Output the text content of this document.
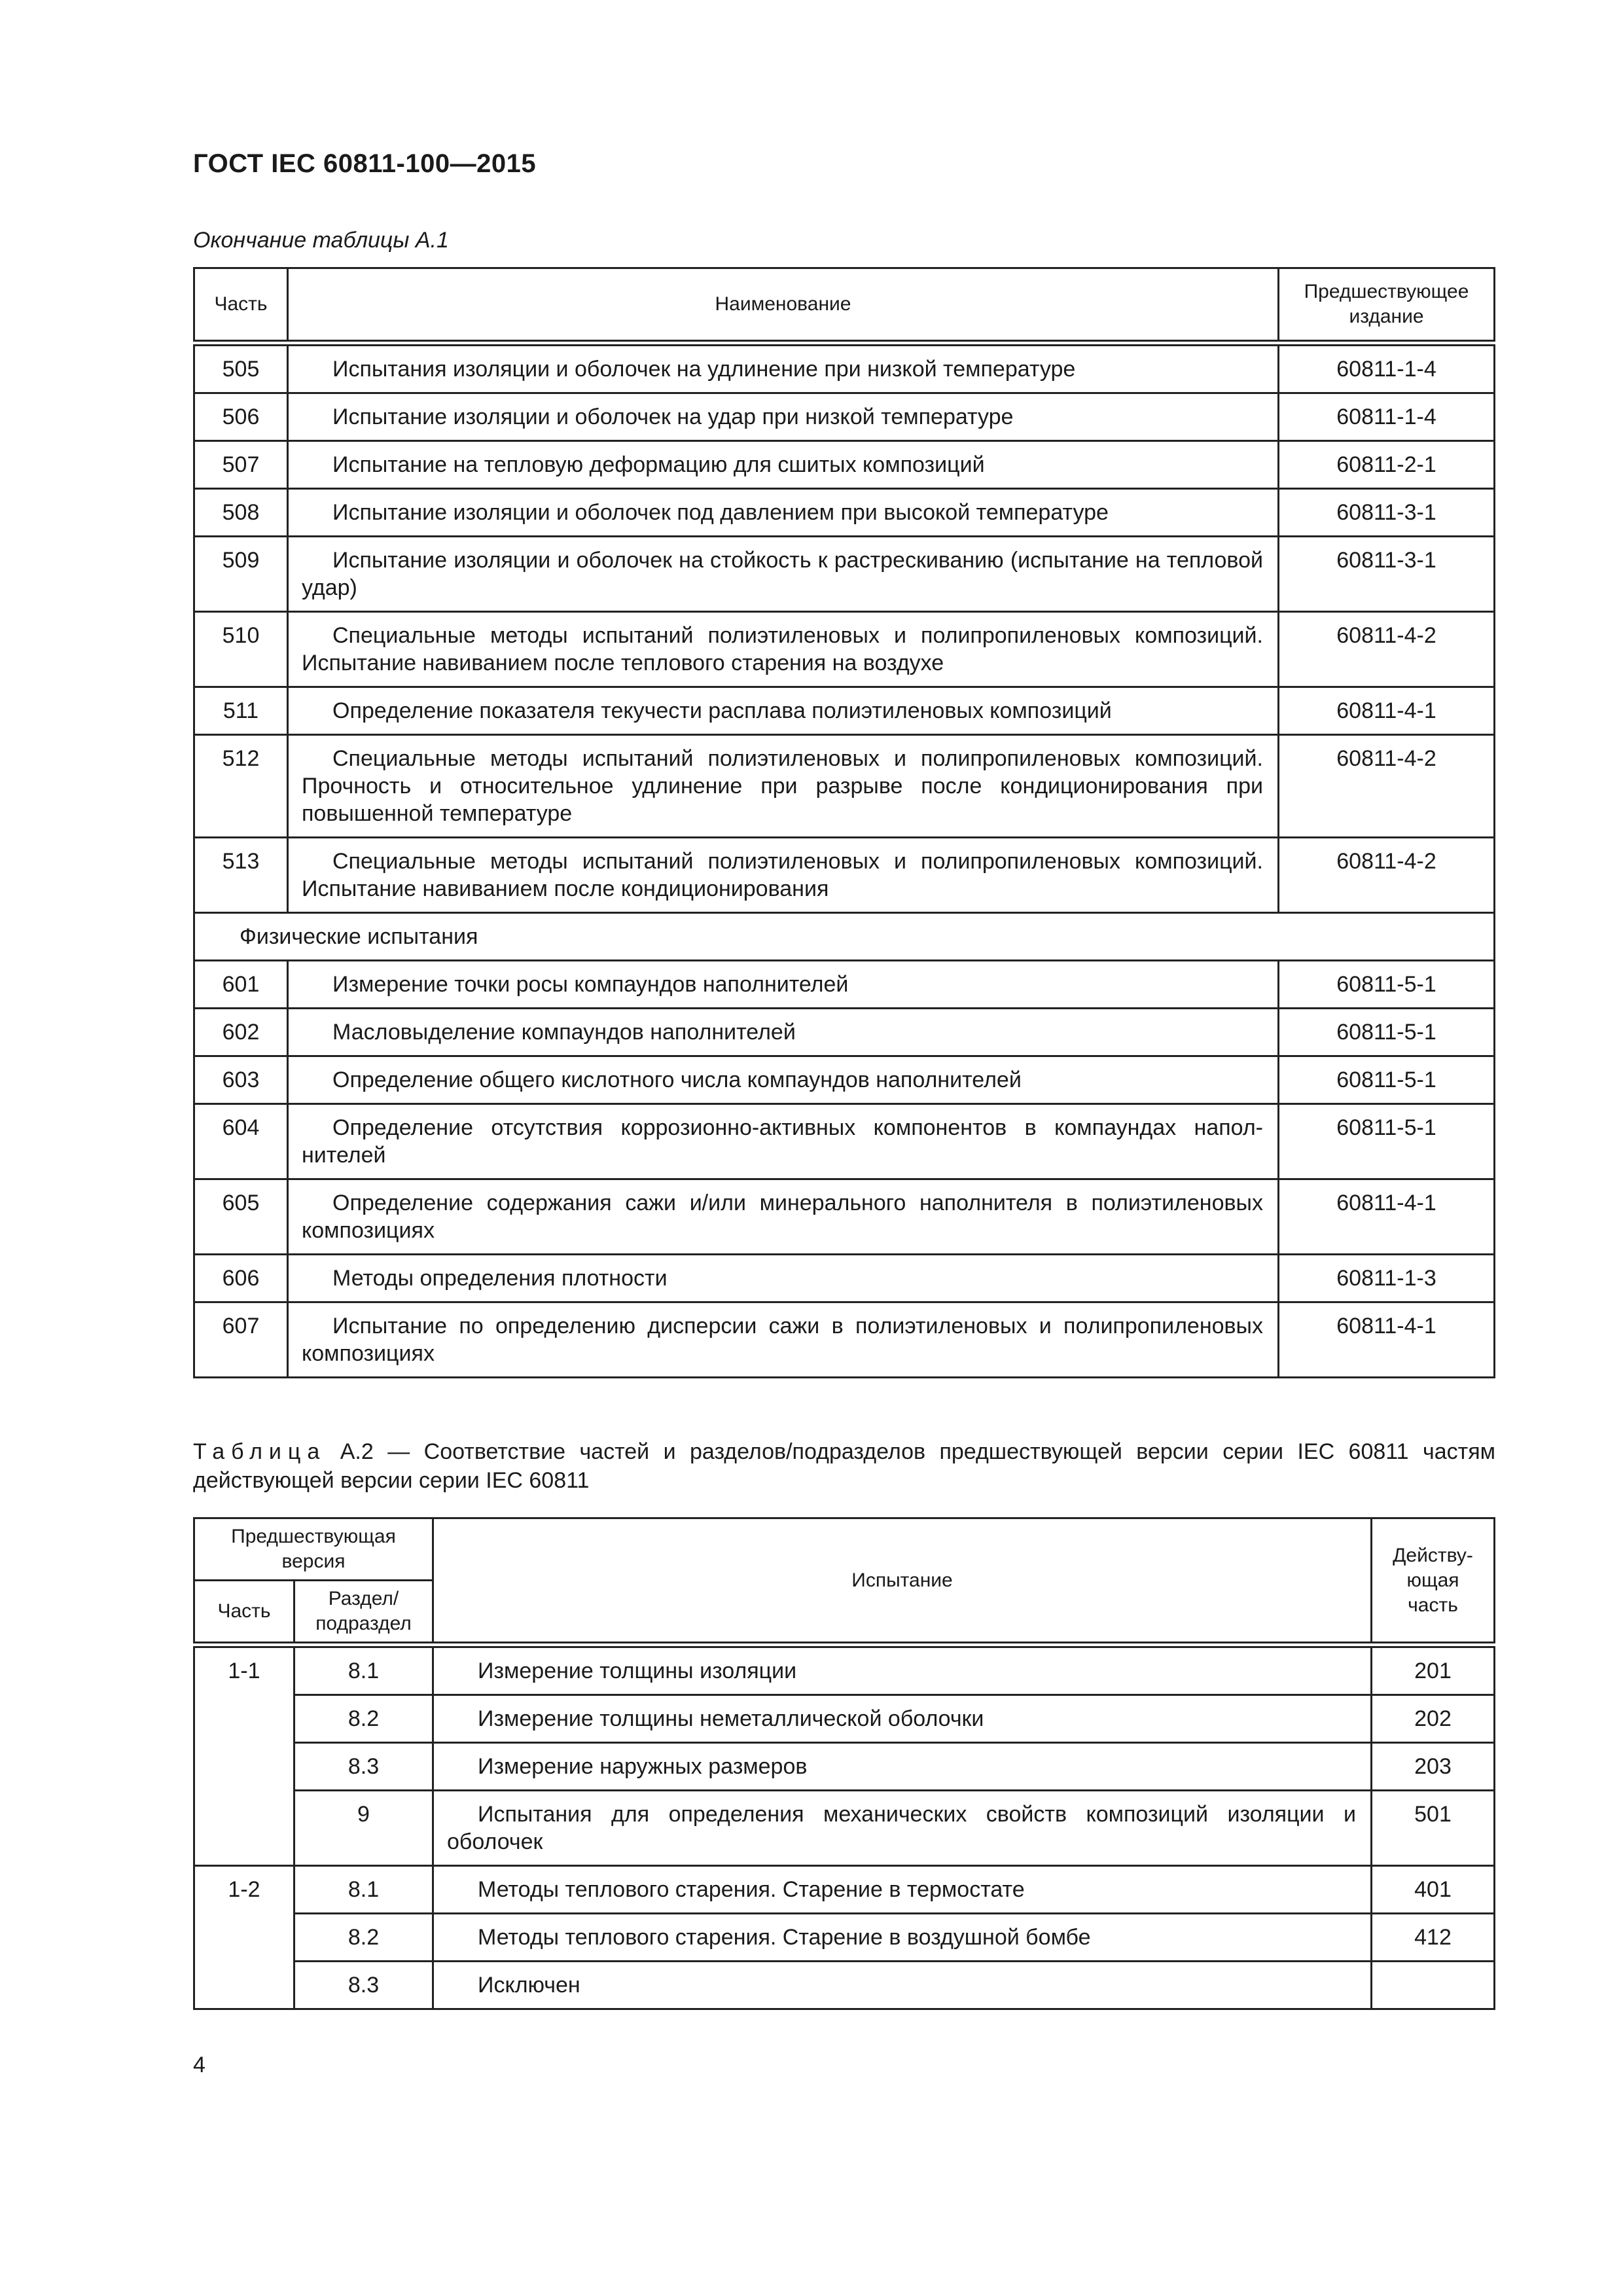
ГОСТ IEC 60811-100—2015
Окончание таблицы А.1
Часть	Наименование	Предшествующее издание
505	Испытания изоляции и оболочек на удлинение при низкой температуре	60811-1-4
506	Испытание изоляции и оболочек на удар при низкой температуре	60811-1-4
507	Испытание на тепловую деформацию для сшитых композиций	60811-2-1
508	Испытание изоляции и оболочек под давлением при высокой температуре	60811-3-1
509	Испытание изоляции и оболочек на стойкость к растрескиванию (испытание на тепловой удар)	60811-3-1
510	Специальные методы испытаний полиэтиленовых и полипропиленовых композиций. Испытание навиванием после теплового старения на воздухе	60811-4-2
511	Определение показателя текучести расплава полиэтиленовых композиций	60811-4-1
512	Специальные методы испытаний полиэтиленовых и полипропиленовых композиций. Прочность и относительное удлинение при разрыве после кондиционирования при повышенной температуре	60811-4-2
513	Специальные методы испытаний полиэтиленовых и полипропиленовых композиций. Испытание навиванием после кондиционирования	60811-4-2
Физические испытания		
601	Измерение точки росы компаундов наполнителей	60811-5-1
602	Масловыделение компаундов наполнителей	60811-5-1
603	Определение общего кислотного числа компаундов наполнителей	60811-5-1
604	Определение отсутствия коррозионно-активных компонентов в компаундах наполнителей	60811-5-1
605	Определение содержания сажи и/или минерального наполнителя в полиэтиленовых композициях	60811-4-1
606	Методы определения плотности	60811-1-3
607	Испытание по определению дисперсии сажи в полиэтиленовых и полипропиленовых композициях	60811-4-1
Таблица А.2 — Соответствие частей и разделов/подразделов предшествующей версии серии IEC 60811 частям действующей версии серии IEC 60811
Предшествующая версия		Испытание	Действующая часть
Часть	Раздел/ подраздел		
1-1	8.1	Измерение толщины изоляции	201
	8.2	Измерение толщины неметаллической оболочки	202
	8.3	Измерение наружных размеров	203
	9	Испытания для определения механических свойств композиций изоляции и оболочек	501
1-2	8.1	Методы теплового старения. Старение в термостате	401
	8.2	Методы теплового старения. Старение в воздушной бомбе	412
	8.3	Исключен	
4
